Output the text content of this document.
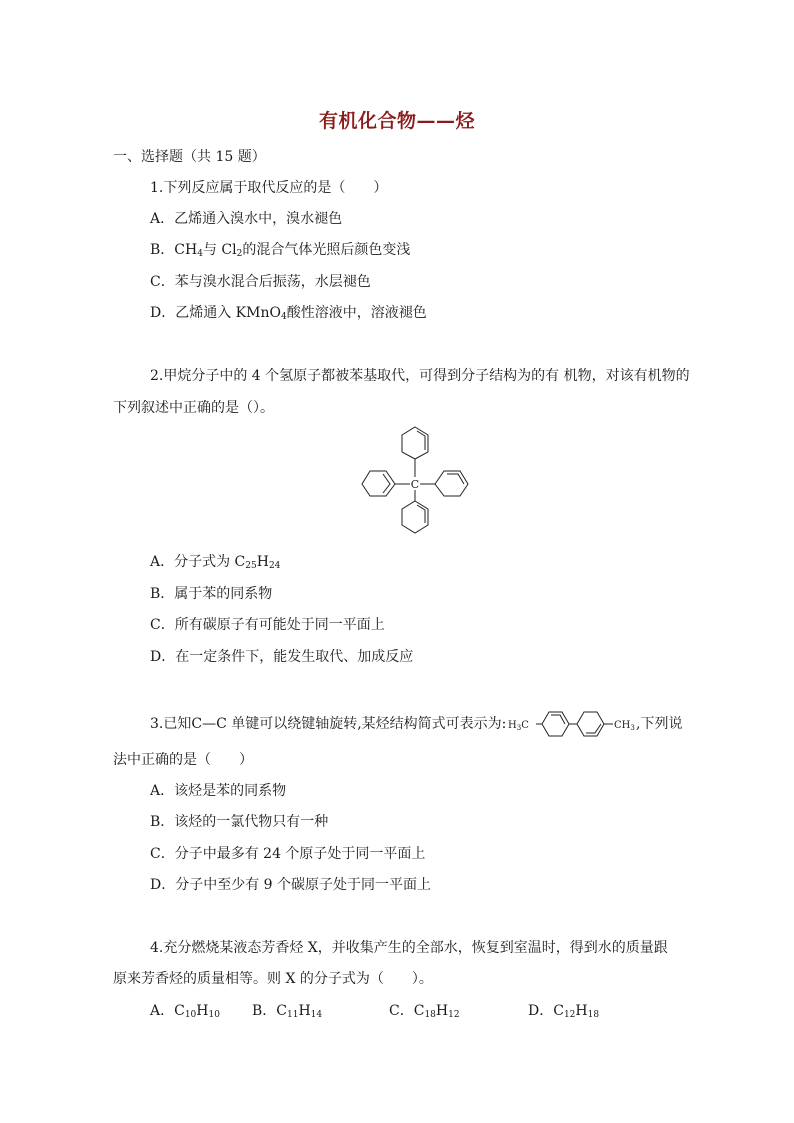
有机化合物——烃
一、选择题（共 15 题）
1.下列反应属于取代反应的是（　　）
A．乙烯通入溴水中，溴水褪色
B．$CH_4$与 $Cl_2$的混合气体光照后颜色变浅
C．苯与溴水混合后振荡，水层褪色
D．乙烯通入 KMnO$_4$酸性溶液中，溶液褪色
2.甲烷分子中的 4 个氢原子都被苯基取代，可得到分子结构为的有 机物，对该有机物的
下列叙述中正确的是（）。
C
A．分子式为 $C_{25}H_{24}$
B．属于苯的同系物
C．所有碳原子有可能处于同一平面上
D．在一定条件下，能发生取代、加成反应
3.已知C—C 单键可以绕键轴旋转,某烃结构简式可表示为: $H_3C$	$CH_3$ ,下列说
法中正确的是（　　）
A．该烃是苯的同系物
B．该烃的一氯代物只有一种
C．分子中最多有 24 个原子处于同一平面上
D．分子中至少有 9 个碳原子处于同一平面上
4.充分燃烧某液态芳香烃 X，并收集产生的全部水，恢复到室温时，得到水的质量跟
原来芳香烃的质量相等。则 X 的分子式为（　　）。
A．$C_{10}H_{10}$ B．$C_{11}H_{14}$	C．$C_{18}H_{12}$	D．$C_{12}H_{18}$
